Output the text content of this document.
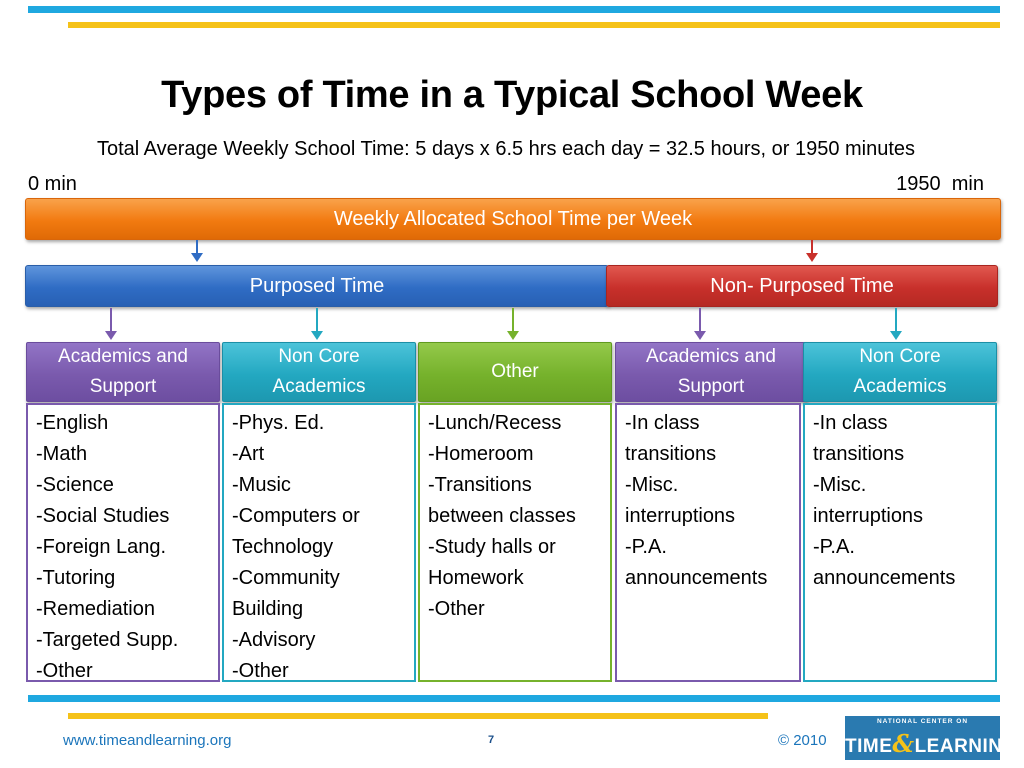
Types of Time in a Typical School Week
Total Average Weekly School Time: 5 days x 6.5 hrs each day = 32.5 hours, or 1950 minutes
0 min	1950  min
Weekly Allocated School Time per Week
Purposed Time	Non- Purposed Time
Academics and
Support
-English
-Math
-Science
-Social Studies
-Foreign Lang.
-Tutoring
-Remediation
-Targeted Supp.
-Other
Non Core
Academics
-Phys. Ed.
-Art
-Music
-Computers or
Technology
-Community
Building
-Advisory
-Other
Other
-Lunch/Recess
-Homeroom
-Transitions
between classes
-Study halls or
Homework
-Other
Academics and
Support
-In class
transitions
-Misc.
interruptions
-P.A.
announcements
Non Core
Academics
-In class
transitions
-Misc.
interruptions
-P.A.
announcements
www.timeandlearning.org	7	© 2010
NATIONAL CENTER ON
TIME&LEARNING
